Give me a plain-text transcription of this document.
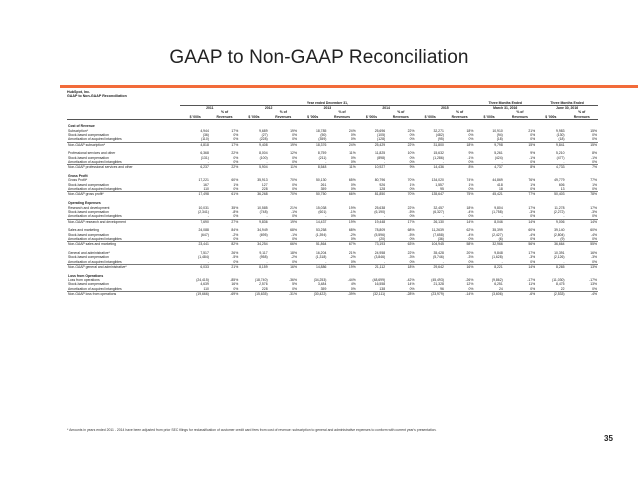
GAAP to Non-GAAP Reconciliation
HubSpot, Inc.
GAAP to Non-GAAP Reconciliation
	Year ended December 31,										Three Months Ended		Three Months Ended	
	2011		2012		2013		2014		2015		March 31, 2016		June 30, 2016	
		% of		% of		% of		% of		% of		% of		% of
	$ '000s	Revenues	$ '000s	Revenues	$ '000s	Revenues	$ '000s	Revenues	$ '000s	Revenues	$ '000s	Revenues	$ '000s	Revenues

Cost of Revenue														
Subscription*	4,944	17%	9,689	19%	18,785	24%	25,696	22%	32,271	18%	10,910	21%	9,983	15%
Stock-based compensation	(36)	0%	(27)	0%	(50)	0%	(105)	0%	(482)	0%	(94)	0%	(130)	0%
Amortization of acquired intangibles	(110)	0%	(228)	0%	(359)	0%	(128)	0%	(95)	0%	(18)	0%	(18)	0%
Non-GAAP subscription*	4,818	17%	9,408	19%	18,376	24%	25,429	22%	31,800	18%	9,798	15%	9,841	15%

Professional services and other	6,368	22%	8,004	12%	8,759	11%	11,825	10%	15,632	9%	5,261	9%	5,210	8%
Stock-based compensation	(131)	0%	(100)	0%	(211)	0%	(898)	0%	(1,286)	-1%	(424)	-1%	(477)	-1%
Amortization of acquired intangibles	-	0%	-	0%	-	0%	-	0%	-	0%	-	0%	-	0%
Non-GAAP professional services and other	6,237	22%	5,904	11%	8,548	11%	10,927	9%	14,436	8%	4,737	8%	4,733	7%

Gross Profit														
Gross Profit*	17,221	60%	35,913	70%	50,130	65%	80,796	70%	134,020	74%	44,869	76%	49,779	77%
Stock-based compensation	167	1%	127	0%	261	0%	926	1%	1,557	1%	418	1%	606	1%
Amortization of acquired intangibles	110	0%	228	0%	359	0%	128	0%	95	0%	18	0%	13	0%
Non-GAAP gross profit*	17,498	61%	36,268	70%	50,750	66%	81,850	70%	135,647	75%	45,421	77%	50,403	78%

Operating Expenses														
Research and development	10,031	35%	10,585	21%	15,038	19%	25,638	22%	32,457	18%	9,804	17%	11,278	17%
Stock-based compensation	(2,341)	-8%	(748)	-1%	(601)	-1%	(6,190)	-5%	(6,327)	-4%	(1,758)	-3%	(2,272)	-3%
Amortization of acquired intangibles	-	0%	-	0%	-	0%	-	0%	-	0%	-	0%	-	0%
Non-GAAP research and development	7,690	27%	9,836	19%	14,437	19%	19,448	17%	26,130	14%	8,046	14%	9,006	14%

Sales and marketing	24,088	84%	34,949	68%	53,258	68%	78,809	68%	11,2639	62%	35,399	60%	39,140	60%
Stock-based compensation	(647)	-2%	(695)	-1%	(1,394)	-2%	(5,596)	-5%	(7,658)	-4%	(2,427)	-4%	(2,804)	-4%
Amortization of acquired intangibles	-	0%	-	0%	-	0%	(20)	0%	(36)	0%	(6)	0%	(9)	0%
Non-GAAP sales and marketing	23,441	82%	34,254	66%	51,864	67%	73,193	63%	104,945	58%	32,966	56%	36,664	55%

General and administrative*	7,517	26%	9,117	18%	16,204	21%	24,958	22%	35,428	20%	9,848	17%	10,391	16%
Stock-based compensation	(1,484)	-5%	(958)	-2%	(1,318)	-2%	(3,846)	-3%	(5,746)	-3%	(1,628)	-3%	(2,126)	-3%
Amortization of acquired intangibles	-	0%	-	0%	-	0%	-	0%	-	0%	-	0%	-	0%
Non-GAAP general and administrative*	6,033	21%	8,159	16%	14,886	19%	21,112	18%	29,642	16%	8,221	14%	8,265	13%

Loss from Operations														
Loss from operations	(24,415)	-85%	(18,740)	-36%	(34,253)	-44%	(48,699)	-42%	(45,493)	-26%	(9,862)	-17%	(11,030)	-17%
Stock-based compensation	4,639	16%	2,576	5%	3,484	4%	16,558	14%	21,328	12%	6,251	11%	8,475	13%
Amortization of acquired intangibles	110	0%	228	0%	359	0%	138	0%	96	0%	24	0%	22	0%
Non-GAAP loss from operations	(19,666)	-69%	(15,635)	-31%	(30,422)	-39%	(32,111)	-28%	(23,979)	-14%	(3,606)	-6%	(2,533)	-4%
* Amounts in years ended 2011 - 2014 have been adjusted from prior SEC filings for reclassification of customer credit card fees from cost of revenue: subscription to general and administrative expenses to conform with current year's presentation.
35
